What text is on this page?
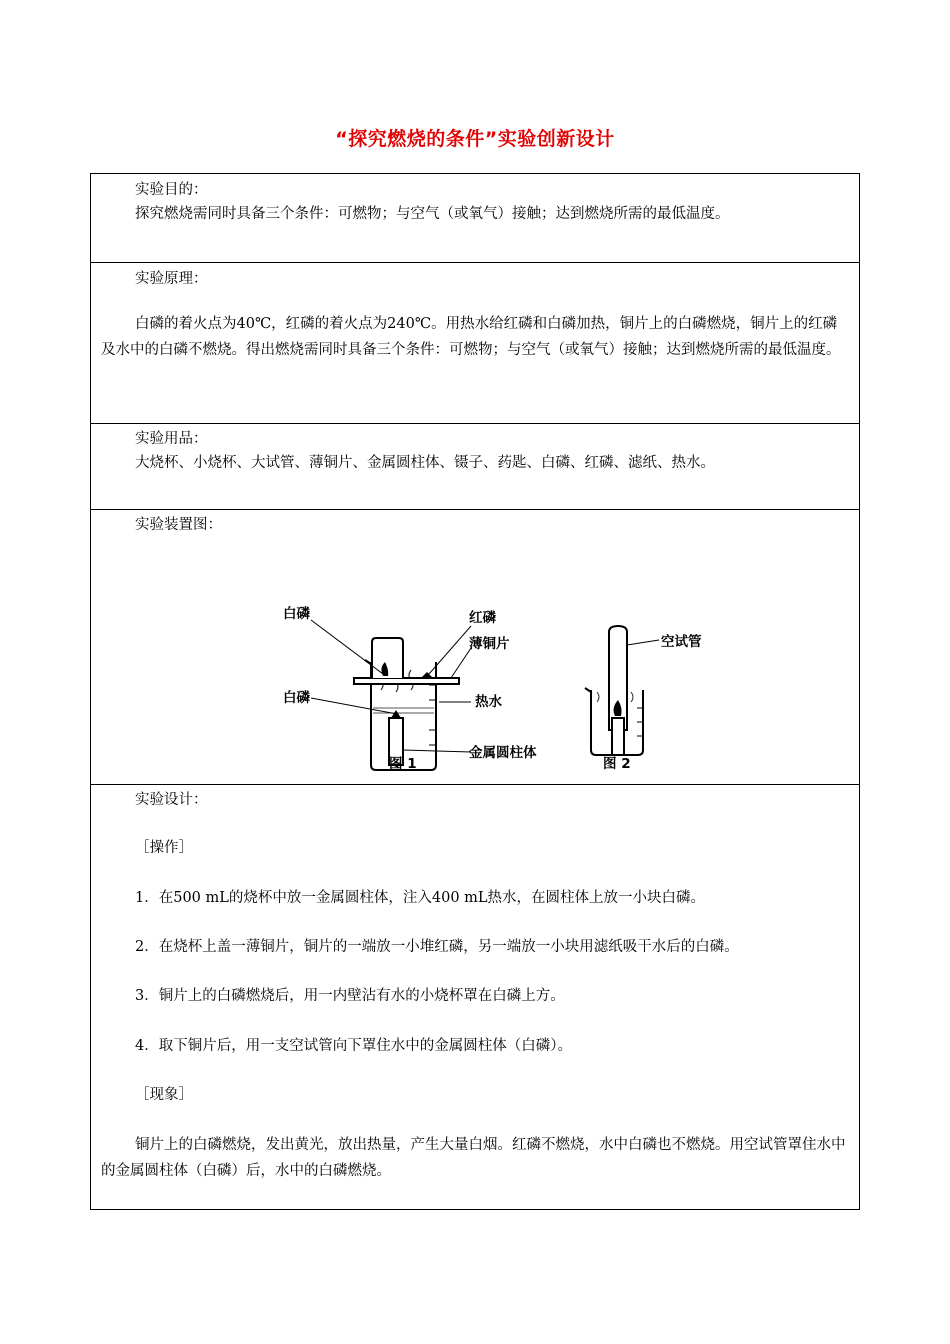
“探究燃烧的条件”实验创新设计
实验目的：
探究燃烧需同时具备三个条件：可燃物；与空气（或氧气）接触；达到燃烧所需的最低温度。
实验原理：
白磷的着火点为40℃，红磷的着火点为240℃。用热水给红磷和白磷加热，铜片上的白磷燃烧，铜片上的红磷及水中的白磷不燃烧。得出燃烧需同时具备三个条件：可燃物；与空气（或氧气）接触；达到燃烧所需的最低温度。
实验用品：
大烧杯、小烧杯、大试管、薄铜片、金属圆柱体、镊子、药匙、白磷、红磷、滤纸、热水。
实验装置图：
白磷	红磷
薄铜片
白磷	热水
金属圆柱体
图 1
空试管
图 2
实验设计：
［操作］
1．在500 mL的烧杯中放一金属圆柱体，注入400 mL热水，在圆柱体上放一小块白磷。
2．在烧杯上盖一薄铜片，铜片的一端放一小堆红磷，另一端放一小块用滤纸吸干水后的白磷。
3．铜片上的白磷燃烧后，用一内壁沾有水的小烧杯罩在白磷上方。
4．取下铜片后，用一支空试管向下罩住水中的金属圆柱体（白磷）。
［现象］
铜片上的白磷燃烧，发出黄光，放出热量，产生大量白烟。红磷不燃烧，水中白磷也不燃烧。用空试管罩住水中的金属圆柱体（白磷）后，水中的白磷燃烧。
